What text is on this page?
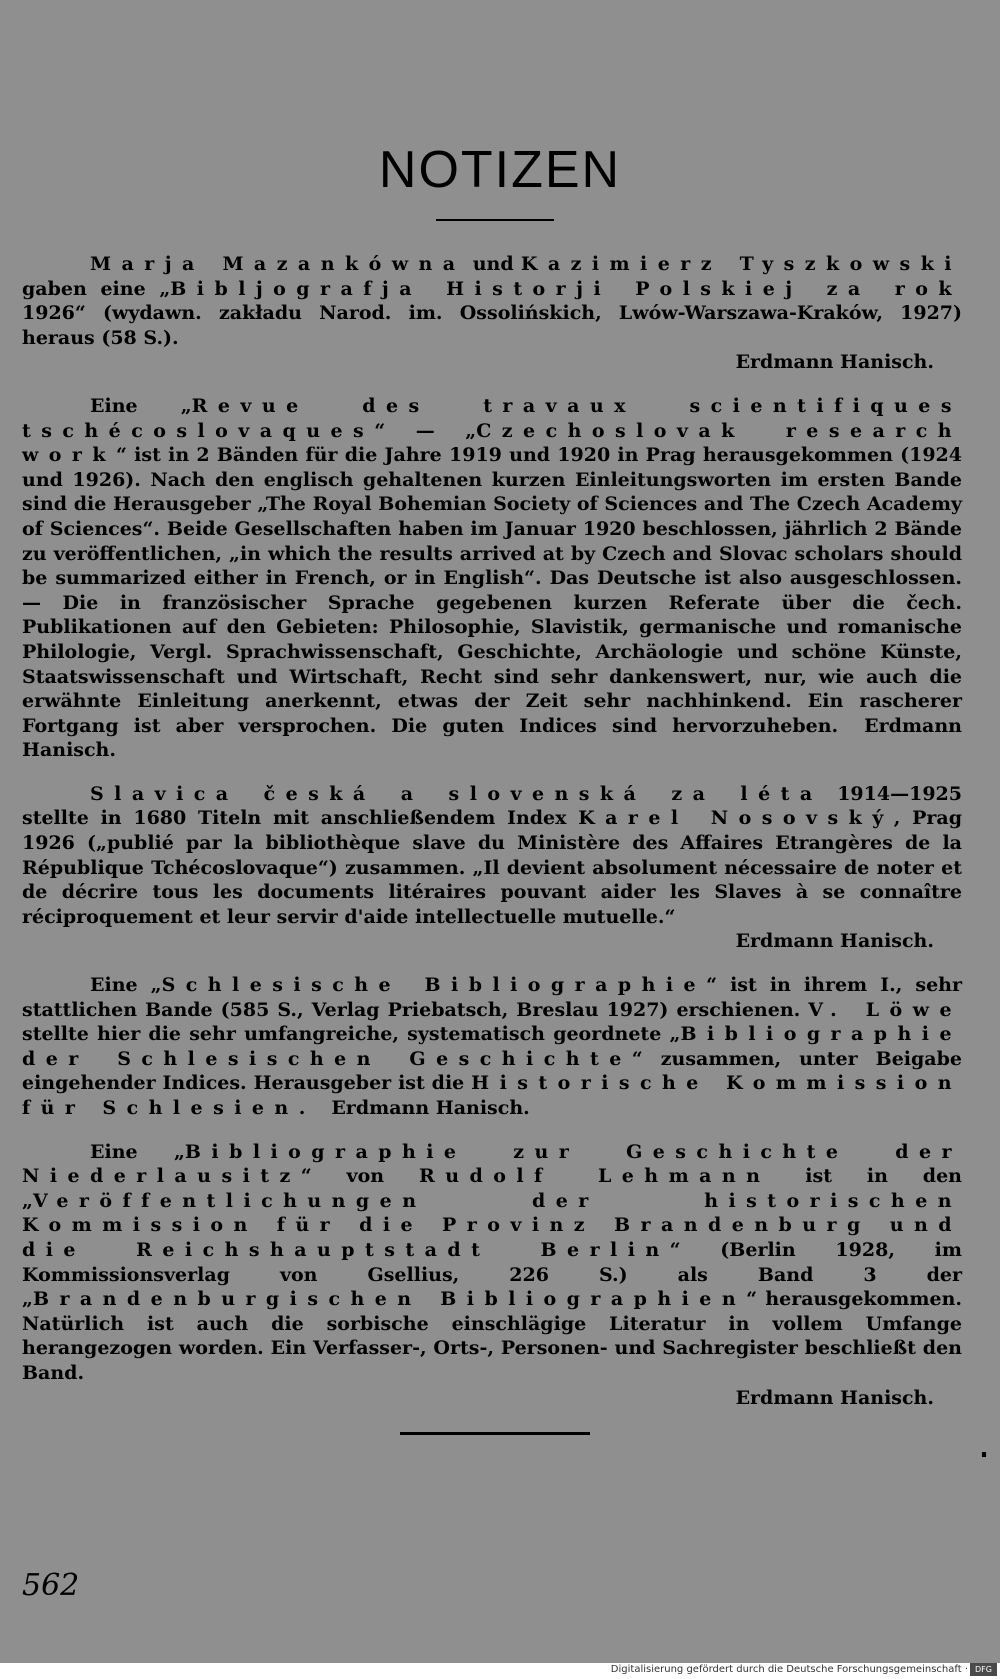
NOTIZEN

Marja Mazankówna und Kazimierz Tyszkowski gaben eine „Bibljografja Historji Polskiej za rok 1926“ (wydawn. zakładu Narod. im. Ossolińskich, Lwów-Warszawa-Kraków, 1927) heraus (58 S.).

Erdmann Hanisch.

Eine „Revue des travaux scientifiques tschécoslovaques“ — „Czechoslovak research work“ ist in 2 Bänden für die Jahre 1919 und 1920 in Prag herausgekommen (1924 und 1926). Nach den englisch gehaltenen kurzen Einleitungsworten im ersten Bande sind die Herausgeber „The Royal Bohemian Society of Sciences and The Czech Academy of Sciences“. Beide Gesellschaften haben im Januar 1920 beschlossen, jährlich 2 Bände zu veröffentlichen, „in which the results arrived at by Czech and Slovac scholars should be summarized either in French, or in English“. Das Deutsche ist also ausgeschlossen. — Die in französischer Sprache gegebenen kurzen Referate über die čech. Publikationen auf den Gebieten: Philosophie, Slavistik, germanische und romanische Philologie, Vergl. Sprachwissenschaft, Geschichte, Archäologie und schöne Künste, Staatswissenschaft und Wirtschaft, Recht sind sehr dankenswert, nur, wie auch die erwähnte Einleitung anerkennt, etwas der Zeit sehr nachhinkend. Ein rascherer Fortgang ist aber versprochen. Die guten Indices sind hervorzuheben. Erdmann Hanisch.

Slavica česká a slovenská za léta 1914—1925 stellte in 1680 Titeln mit anschließendem Index Karel Nosovský, Prag 1926 („publié par la bibliothèque slave du Ministère des Affaires Etrangères de la République Tchécoslovaque“) zusammen. „Il devient absolument nécessaire de noter et de décrire tous les documents litéraires pouvant aider les Slaves à se connaître réciproquement et leur servir d'aide intellectuelle mutuelle.“

Erdmann Hanisch.

Eine „Schlesische Bibliographie“ ist in ihrem I., sehr stattlichen Bande (585 S., Verlag Priebatsch, Breslau 1927) erschienen. V. Löwe stellte hier die sehr umfangreiche, systematisch geordnete „Bibliographie der Schlesischen Geschichte“ zusammen, unter Beigabe eingehender Indices. Herausgeber ist die Historische Kommission für Schlesien. Erdmann Hanisch.

Eine „Bibliographie zur Geschichte der Niederlausitz“ von Rudolf Lehmann ist in den „Veröffentlichungen der historischen Kommission für die Provinz Brandenburg und die Reichshauptstadt Berlin“ (Berlin 1928, im Kommissionsverlag von Gsellius, 226 S.) als Band 3 der „Brandenburgischen Bibliographien“ herausgekommen. Natürlich ist auch die sorbische einschlägige Literatur in vollem Umfange herangezogen worden. Ein Verfasser-, Orts-, Personen- und Sachregister beschließt den Band.

Erdmann Hanisch.
562
Digitalisierung gefördert durch die Deutsche Forschungsgemeinschaft · DFG
